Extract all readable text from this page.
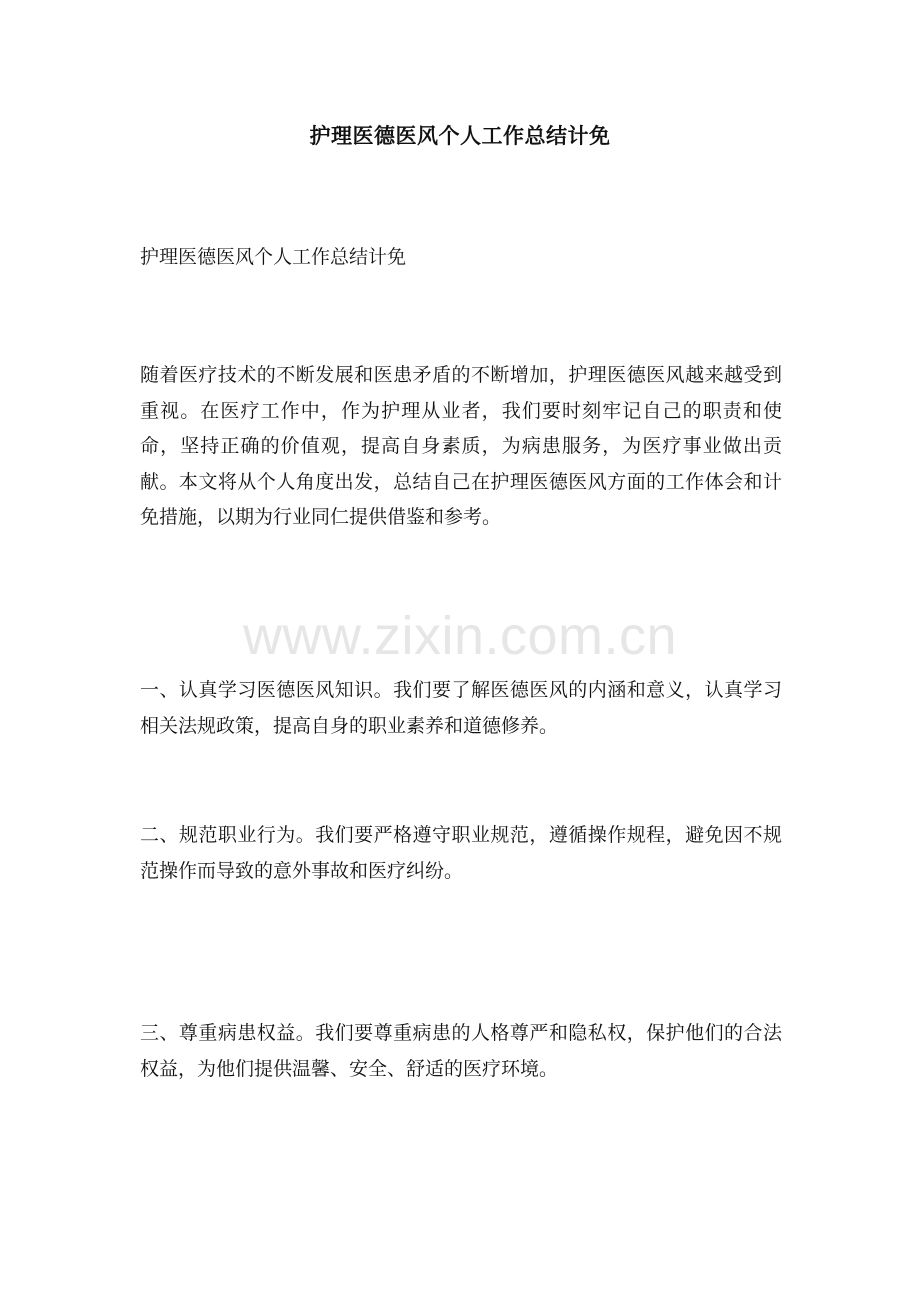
护理医德医风个人工作总结计免
护理医德医风个人工作总结计免
随着医疗技术的不断发展和医患矛盾的不断增加，护理医德医风越来越受到重视。在医疗工作中，作为护理从业者，我们要时刻牢记自己的职责和使命，坚持正确的价值观，提高自身素质，为病患服务，为医疗事业做出贡献。本文将从个人角度出发，总结自己在护理医德医风方面的工作体会和计免措施，以期为行业同仁提供借鉴和参考。
www.zixin.com.cn
一、认真学习医德医风知识。我们要了解医德医风的内涵和意义，认真学习相关法规政策，提高自身的职业素养和道德修养。
二、规范职业行为。我们要严格遵守职业规范，遵循操作规程，避免因不规范操作而导致的意外事故和医疗纠纷。
三、尊重病患权益。我们要尊重病患的人格尊严和隐私权，保护他们的合法权益，为他们提供温馨、安全、舒适的医疗环境。
